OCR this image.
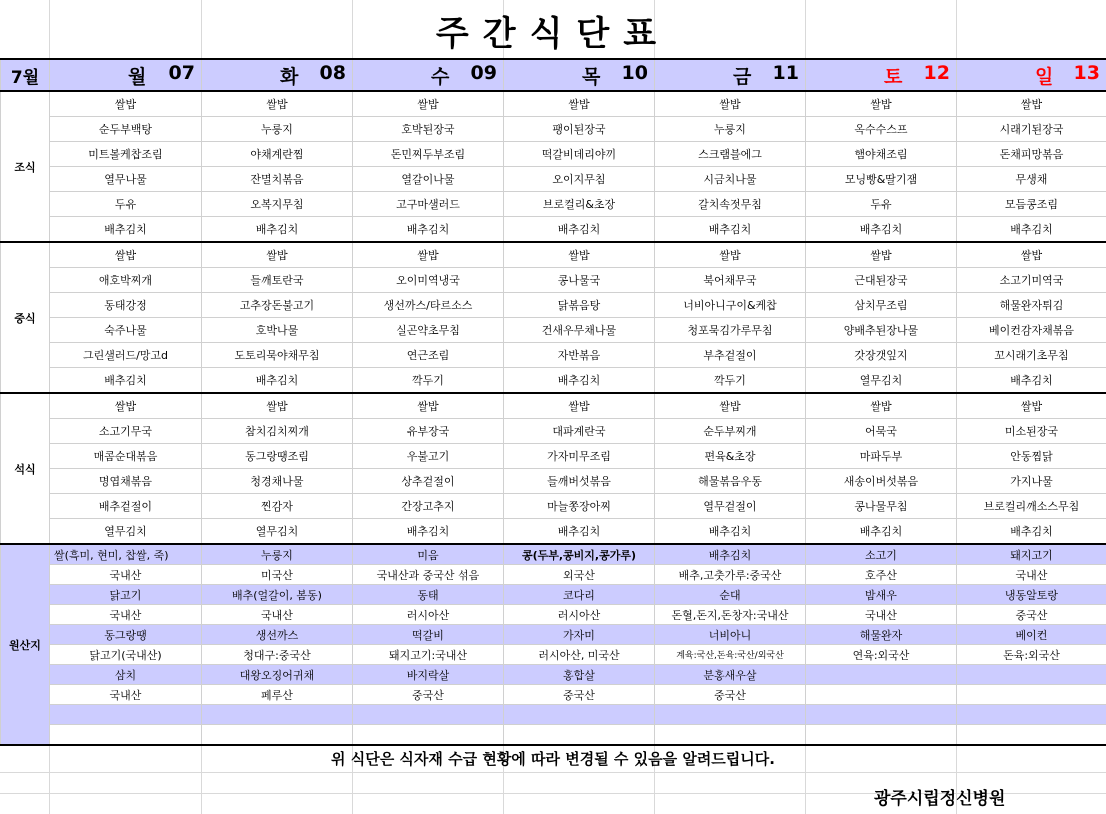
주간식단표
7월	월 07	화 08	수 09	목 10	금 11	토 12	일 13

조식	쌀밥	쌀밥	쌀밥	쌀밥	쌀밥	쌀밥	쌀밥
	순두부백탕	누룽지	호박된장국	팽이된장국	누룽지	옥수수스프	시래기된장국
	미트볼케찹조림	야채계란찜	돈민찌두부조림	떡갈비데리야끼	스크램블에그	햄야채조림	돈채피망볶음
	열무나물	잔멸치볶음	열갈이나물	오이지무침	시금치나물	모닝빵&딸기잼	무생채
	두유	오복지무침	고구마샐러드	브로컬리&초장	갈치속젓무침	두유	모듬콩조림
	배추김치	배추김치	배추김치	배추김치	배추김치	배추김치	배추김치
중식	쌀밥	쌀밥	쌀밥	쌀밥	쌀밥	쌀밥	쌀밥
	애호박찌개	들깨토란국	오이미역냉국	콩나물국	북어채무국	근대된장국	소고기미역국
	동태강정	고추장돈불고기	생선까스/타르소스	닭볶음탕	너비아니구이&케찹	삼치무조림	해물완자튀김
	숙주나물	호박나물	실곤약초무침	건새우무채나물	청포묵김가루무침	양배추된장나물	베이컨감자채볶음
	그린샐러드/망고d	도토리묵야채무침	연근조림	자반볶음	부추겉절이	갓장갯잎지	꼬시래기초무침
	배추김치	배추김치	깍두기	배추김치	깍두기	열무김치	배추김치
석식	쌀밥	쌀밥	쌀밥	쌀밥	쌀밥	쌀밥	쌀밥
	소고기무국	참치김치찌개	유부장국	대파계란국	순두부찌개	어묵국	미소된장국
	매콤순대볶음	동그랑땡조림	우불고기	가자미무조림	편육&초장	마파두부	안동찜닭
	명엽채볶음	청경채나물	상추겉절이	들깨버섯볶음	해물볶음우동	새송이버섯볶음	가지나물
	배추겉절이	찐감자	간장고추지	마늘쫑장아찌	열무겉절이	콩나물무침	브로컬리깨소스무침
	열무김치	열무김치	배추김치	배추김치	배추김치	배추김치	배추김치
원산지	쌀(흑미, 현미, 찹쌀, 죽)	누룽지	미음	콩(두부,콩비지,콩가루)	배추김치	소고기	돼지고기
	국내산	미국산	국내산과 중국산 섞음	외국산	배추,고춧가루:중국산	호주산	국내산
	닭고기	배추(얼갈이, 봄동)	동태	코다리	순대	밤새우	냉동알토랑
	국내산	국내산	러시아산	러시아산	돈혈,돈지,돈창자:국내산	국내산	중국산
	동그랑땡	생선까스	떡갈비	가자미	너비아니	해물완자	베이컨
	닭고기(국내산)	청대구:중국산	돼지고기:국내산	러시아산, 미국산	계육:국산,돈육:국산/외국산	연육:외국산	돈육:외국산
	삼치	대왕오징어귀채	바지락살	홍합살	분홍새우살		
	국내산	페루산	중국산	중국산	중국산		

위 식단은 식자재 수급 현황에 따라 변경될 수 있음을 알려드립니다.
광주시립정신병원
